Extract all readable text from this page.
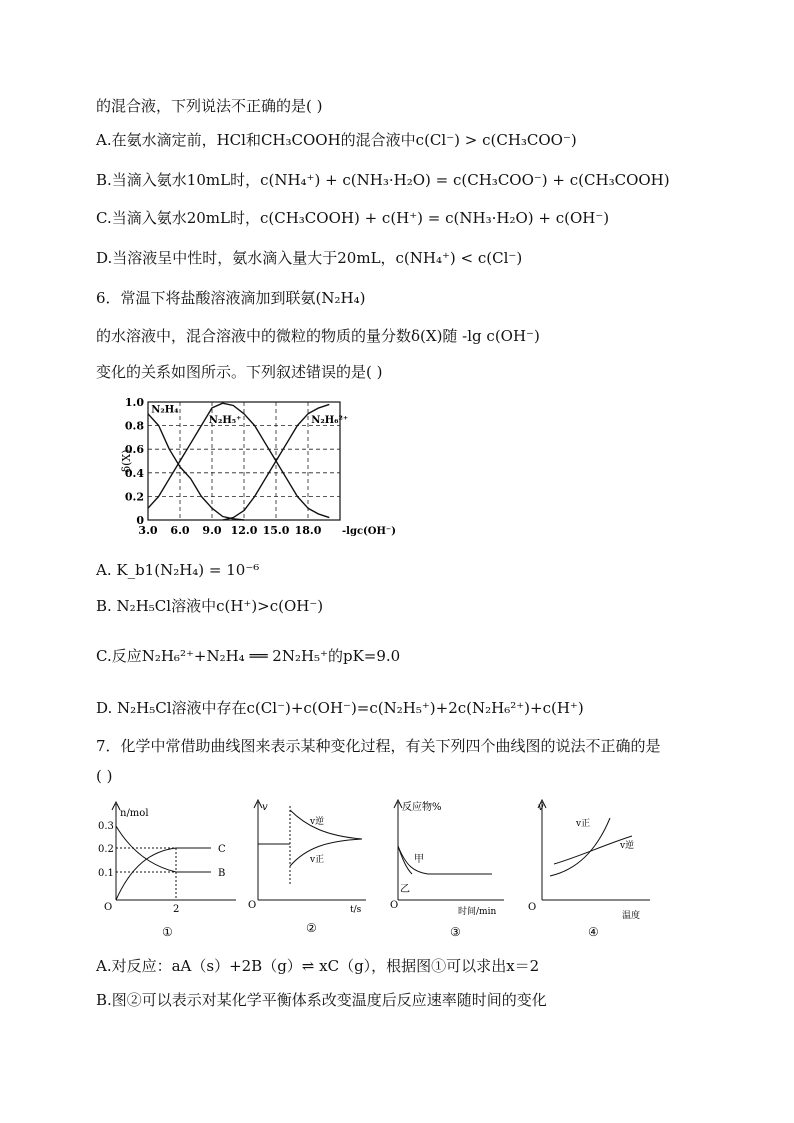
的混合液，下列说法不正确的是( )
A.在氨水滴定前，HCl和CH₃COOH的混合液中c(Cl⁻) > c(CH₃COO⁻)
B.当滴入氨水10mL时，c(NH₄⁺) + c(NH₃·H₂O) = c(CH₃COO⁻) + c(CH₃COOH)
C.当滴入氨水20mL时，c(CH₃COOH) + c(H⁺) = c(NH₃·H₂O) + c(OH⁻)
D.当溶液呈中性时，氨水滴入量大于20mL，c(NH₄⁺) < c(Cl⁻)
6．常温下将盐酸溶液滴加到联氨(N₂H₄)
的水溶液中，混合溶液中的微粒的物质的量分数δ(X)随 -lg c(OH⁻)
变化的关系如图所示。下列叙述错误的是( )
0
0.2
0.4
0.6
0.8
1.0
3.0 6.0 9.0 12.0 15.0 18.0 -lgc(OH⁻)
δ(X)
N₂H₄
N₂H₅⁺	N₂H₆²⁺
A. K_b1(N₂H₄) = 10⁻⁶
B. N₂H₅Cl溶液中c(H⁺)>c(OH⁻)
C.反应N₂H₆²⁺+N₂H₄ ══ 2N₂H₅⁺的pK=9.0
D. N₂H₅Cl溶液中存在c(Cl⁻)+c(OH⁻)=c(N₂H₅⁺)+2c(N₂H₆²⁺)+c(H⁺)
7．化学中常借助曲线图来表示某种变化过程，有关下列四个曲线图的说法不正确的是
( )
n/mol
0.3
0.2
0.1
O	2
C
B
①
v
v逆
v正
O	t/s
②
反应物%
甲
乙
O
时间/min
③
v
v正
v逆
O
温度
④
A.对反应：aA（s）+2B（g）⇌ xC（g），根据图①可以求出x＝2
B.图②可以表示对某化学平衡体系改变温度后反应速率随时间的变化
